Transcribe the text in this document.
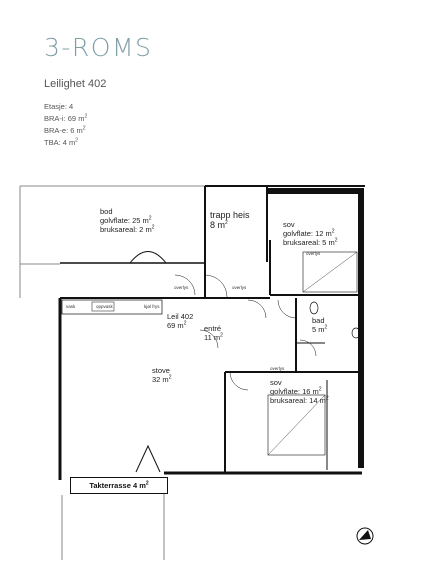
3-ROMS
Leilighet 402
Etasje: 4
BRA-i: 69 $m^2$
BRA-e: 6 $m^2$
TBA: 4 $m^2$
bod
golvflate: 25 $m^2$
bruksareal: 2 $m^2$
trapp heis
8 $m^2$	sov
golvflate: 12 $m^2$
bruksareal: 5 $m^2$
Leil 402
69 $m^2$
entré
11 $m^2$
bad
5 $m^2$
stove
32 $m^2$
sov
golvflate: 16 $m^2$
bruksareal: 14 $m^2$
overlys
overlys	overlys
overlys
vask	oppvask	kjøl frys
Takterrasse 4 $m^2$
